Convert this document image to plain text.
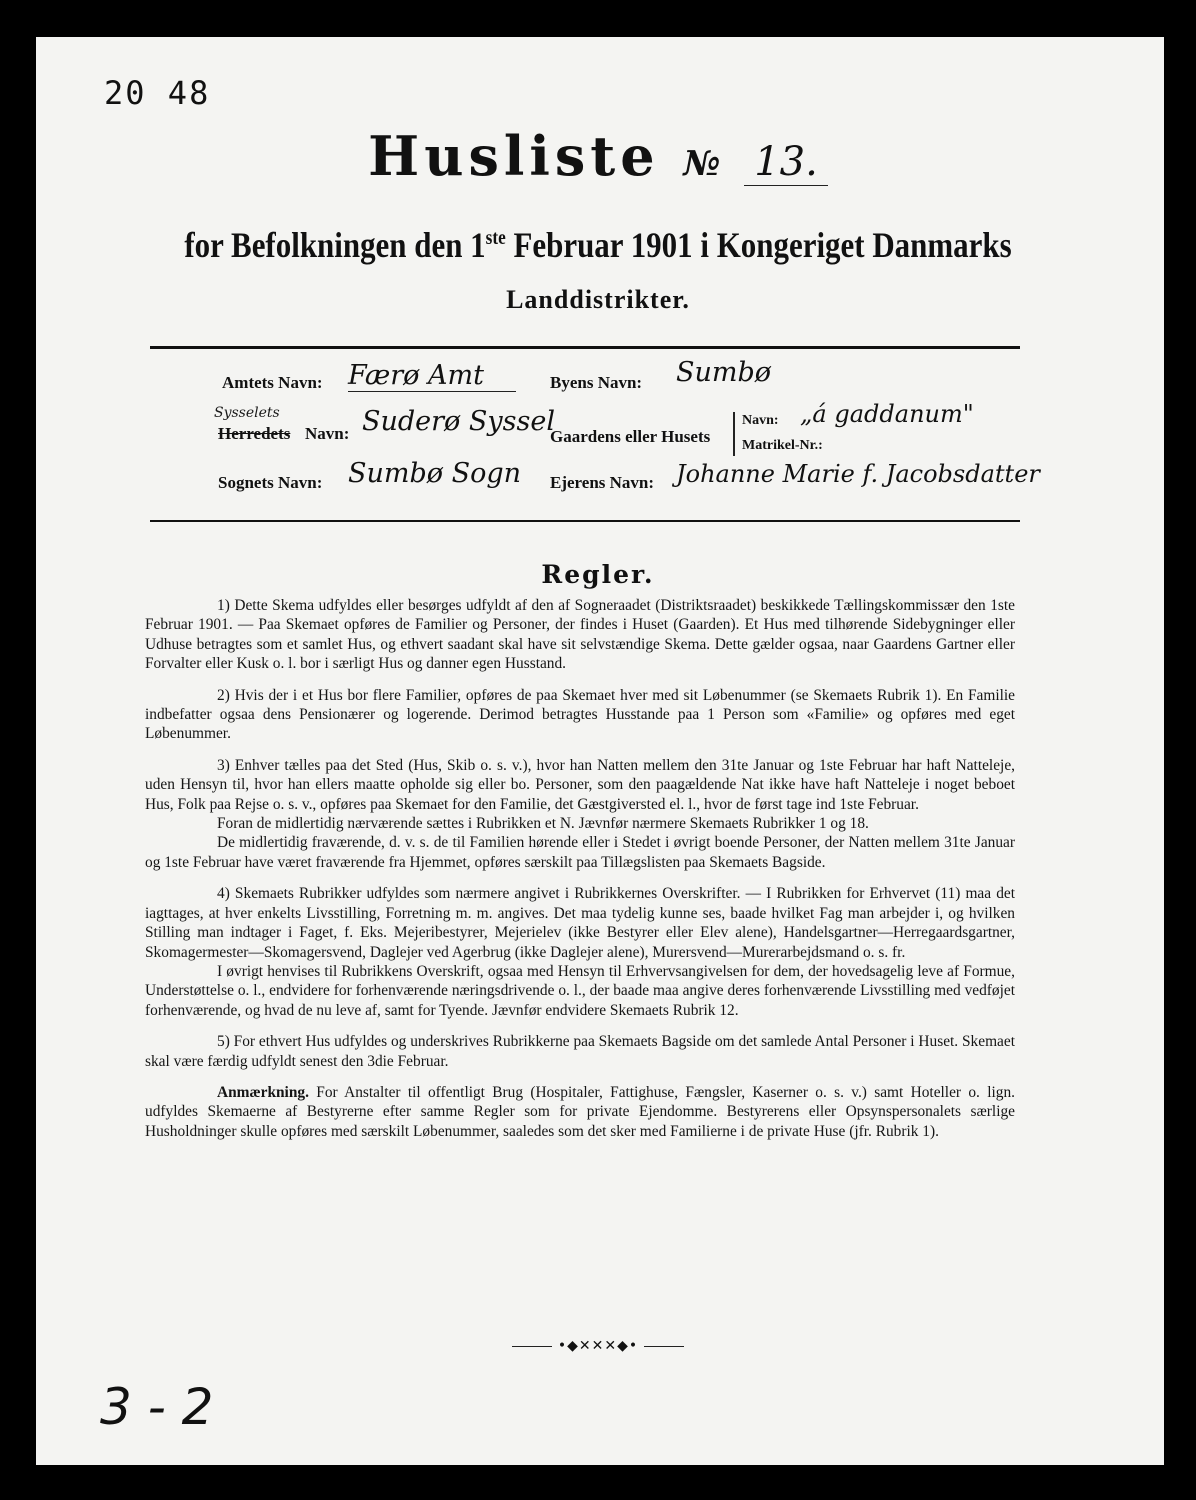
20 48
Husliste № 13.
for Befolkningen den 1ste Februar 1901 i Kongeriget Danmarks
Landdistrikter.
Amtets Navn: Færø Amt	Byens Navn: Sumbø
Sysselets
Herredets Navn: Suderø Syssel
Gaardens eller Husets
Navn: „á gaddanum"
Matrikel-Nr.:
Sognets Navn: Sumbø Sogn Ejerens Navn: Johanne Marie f. Jacobsdatter
Regler.

1) Dette Skema udfyldes eller besørges udfyldt af den af Sogneraadet (Distriktsraadet) beskikkede Tællingskommissær den 1ste Februar 1901. — Paa Skemaet opføres de Familier og Personer, der findes i Huset (Gaarden). Et Hus med tilhørende Sidebygninger eller Udhuse betragtes som et samlet Hus, og ethvert saadant skal have sit selvstændige Skema. Dette gælder ogsaa, naar Gaardens Gartner eller Forvalter eller Kusk o. l. bor i særligt Hus og danner egen Husstand.

2) Hvis der i et Hus bor flere Familier, opføres de paa Skemaet hver med sit Løbenummer (se Skemaets Rubrik 1). En Familie indbefatter ogsaa dens Pensionærer og logerende. Derimod betragtes Husstande paa 1 Person som «Familie» og opføres med eget Løbenummer.

3) Enhver tælles paa det Sted (Hus, Skib o. s. v.), hvor han Natten mellem den 31te Januar og 1ste Februar har haft Natteleje, uden Hensyn til, hvor han ellers maatte opholde sig eller bo. Personer, som den paagældende Nat ikke have haft Natteleje i noget beboet Hus, Folk paa Rejse o. s. v., opføres paa Skemaet for den Familie, det Gæstgiversted el. l., hvor de først tage ind 1ste Februar.

Foran de midlertidig nærværende sættes i Rubrikken et N. Jævnfør nærmere Skemaets Rubrikker 1 og 18.

De midlertidig fraværende, d. v. s. de til Familien hørende eller i Stedet i øvrigt boende Personer, der Natten mellem 31te Januar og 1ste Februar have været fraværende fra Hjemmet, opføres særskilt paa Tillægslisten paa Skemaets Bagside.

4) Skemaets Rubrikker udfyldes som nærmere angivet i Rubrikkernes Overskrifter. — I Rubrikken for Erhvervet (11) maa det iagttages, at hver enkelts Livsstilling, Forretning m. m. angives. Det maa tydelig kunne ses, baade hvilket Fag man arbejder i, og hvilken Stilling man indtager i Faget, f. Eks. Mejeribestyrer, Mejerielev (ikke Bestyrer eller Elev alene), Handelsgartner—Herregaardsgartner, Skomagermester—Skomagersvend, Daglejer ved Agerbrug (ikke Daglejer alene), Murersvend—Murerarbejdsmand o. s. fr.

I øvrigt henvises til Rubrikkens Overskrift, ogsaa med Hensyn til Erhvervsangivelsen for dem, der hovedsagelig leve af Formue, Understøttelse o. l., endvidere for forhenværende næringsdrivende o. l., der baade maa angive deres forhenværende Livsstilling med vedføjet forhenværende, og hvad de nu leve af, samt for Tyende. Jævnfør endvidere Skemaets Rubrik 12.

5) For ethvert Hus udfyldes og underskrives Rubrikkerne paa Skemaets Bagside om det samlede Antal Personer i Huset. Skemaet skal være færdig udfyldt senest den 3die Februar.

Anmærkning. For Anstalter til offentligt Brug (Hospitaler, Fattighuse, Fængsler, Kaserner o. s. v.) samt Hoteller o. lign. udfyldes Skemaerne af Bestyrerne efter samme Regler som for private Ejendomme. Bestyrerens eller Opsynspersonalets særlige Husholdninger skulle opføres med særskilt Løbenummer, saaledes som det sker med Familierne i de private Huse (jfr. Rubrik 1).

•◆✕✕✕◆•
3 - 2
